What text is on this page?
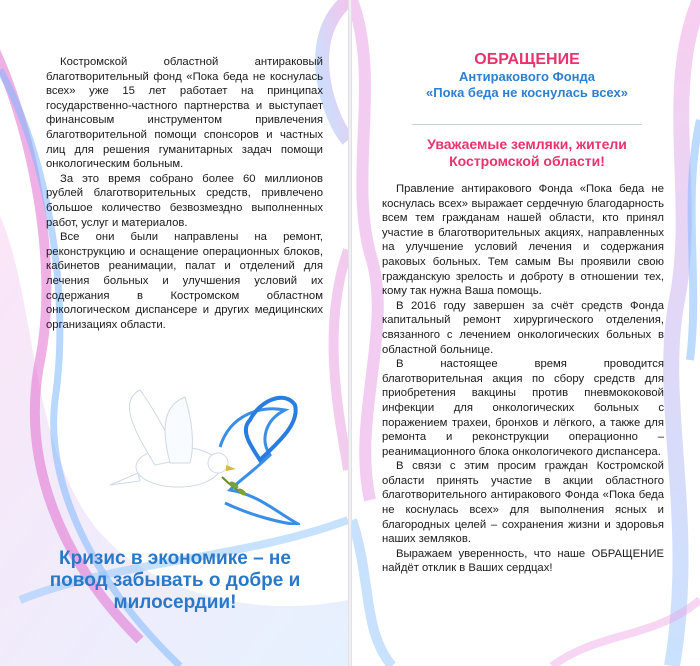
Костромской областной антираковый благотворительный фонд «Пока беда не коснулась всех» уже 15 лет работает на принципах государственно-частного партнерства и выступает финансовым инструментом привлечения благотворительной помощи спонсоров и частных лиц для решения гуманитарных задач помощи онкологическим больным.

За это время собрано более 60 миллионов рублей благотворительных средств, привлечено большое количество безвозмездно выполненных работ, услуг и материалов.

Все они были направлены на ремонт, реконструкцию и оснащение операционных блоков, кабинетов реанимации, палат и отделений для лечения больных и улучшения условий их содержания в Костромском областном онкологическом диспансере и других медицинских организациях области.

Кризис в экономике – не
повод забывать о добре и
милосердии!
ОБРАЩЕНИЕ
Антиракового Фонда
«Пока беда не коснулась всех»
Уважаемые земляки, жители
Костромской области!

Правление антиракового Фонда «Пока беда не коснулась всех» выражает сердечную благодарность всем тем гражданам нашей области, кто принял участие в благотворительных акциях, направленных на улучшение условий лечения и содержания раковых больных. Тем самым Вы проявили свою гражданскую зрелость и доброту в отношении тех, кому так нужна Ваша помощь.

В 2016 году завершен за счёт средств Фонда капитальный ремонт хирургического отделения, связанного с лечением онкологических больных в областной больнице.

В настоящее время проводится благотворительная акция по сбору средств для приобретения вакцины против пневмококовой инфекции для онкологических больных с поражением трахеи, бронхов и лёгкого, а также для ремонта и реконструкции операционно – реанимационного блока онкологичекого диспансера.

В связи с этим просим граждан Костромской области принять участие в акции областного благотворительного антиракового Фонда «Пока беда не коснулась всех» для выполнения ясных и благородных целей – сохранения жизни и здоровья наших земляков.

Выражаем уверенность, что наше ОБРАЩЕНИЕ найдёт отклик в Ваших сердцах!
